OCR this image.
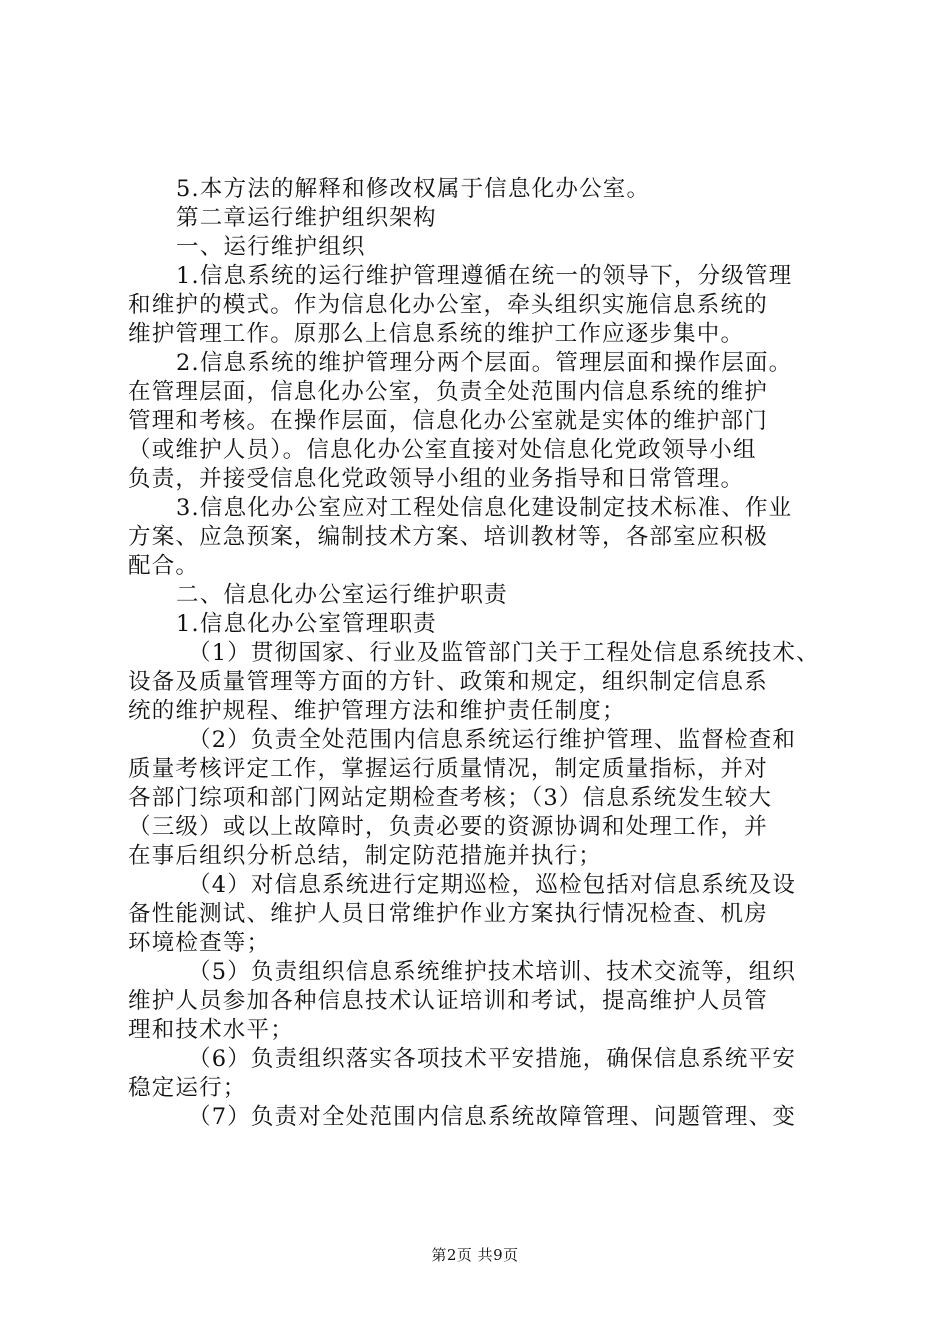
5.本方法的解释和修改权属于信息化办公室。
第二章运行维护组织架构
一、运行维护组织
1.信息系统的运行维护管理遵循在统一的领导下，分级管理
和维护的模式。作为信息化办公室，牵头组织实施信息系统的
维护管理工作。原那么上信息系统的维护工作应逐步集中。
2.信息系统的维护管理分两个层面。管理层面和操作层面。
在管理层面，信息化办公室，负责全处范围内信息系统的维护
管理和考核。在操作层面，信息化办公室就是实体的维护部门
（或维护人员）。信息化办公室直接对处信息化党政领导小组
负责，并接受信息化党政领导小组的业务指导和日常管理。
3.信息化办公室应对工程处信息化建设制定技术标准、作业
方案、应急预案，编制技术方案、培训教材等，各部室应积极
配合。
二、信息化办公室运行维护职责
1.信息化办公室管理职责
（1）贯彻国家、行业及监管部门关于工程处信息系统技术、
设备及质量管理等方面的方针、政策和规定，组织制定信息系
统的维护规程、维护管理方法和维护责任制度；
（2）负责全处范围内信息系统运行维护管理、监督检查和
质量考核评定工作，掌握运行质量情况，制定质量指标，并对
各部门综项和部门网站定期检查考核；（3）信息系统发生较大
（三级）或以上故障时，负责必要的资源协调和处理工作，并
在事后组织分析总结，制定防范措施并执行；
（4）对信息系统进行定期巡检，巡检包括对信息系统及设
备性能测试、维护人员日常维护作业方案执行情况检查、机房
环境检查等；
（5）负责组织信息系统维护技术培训、技术交流等，组织
维护人员参加各种信息技术认证培训和考试，提高维护人员管
理和技术水平；
（6）负责组织落实各项技术平安措施，确保信息系统平安
稳定运行；
（7）负责对全处范围内信息系统故障管理、问题管理、变
第2页 共9页
